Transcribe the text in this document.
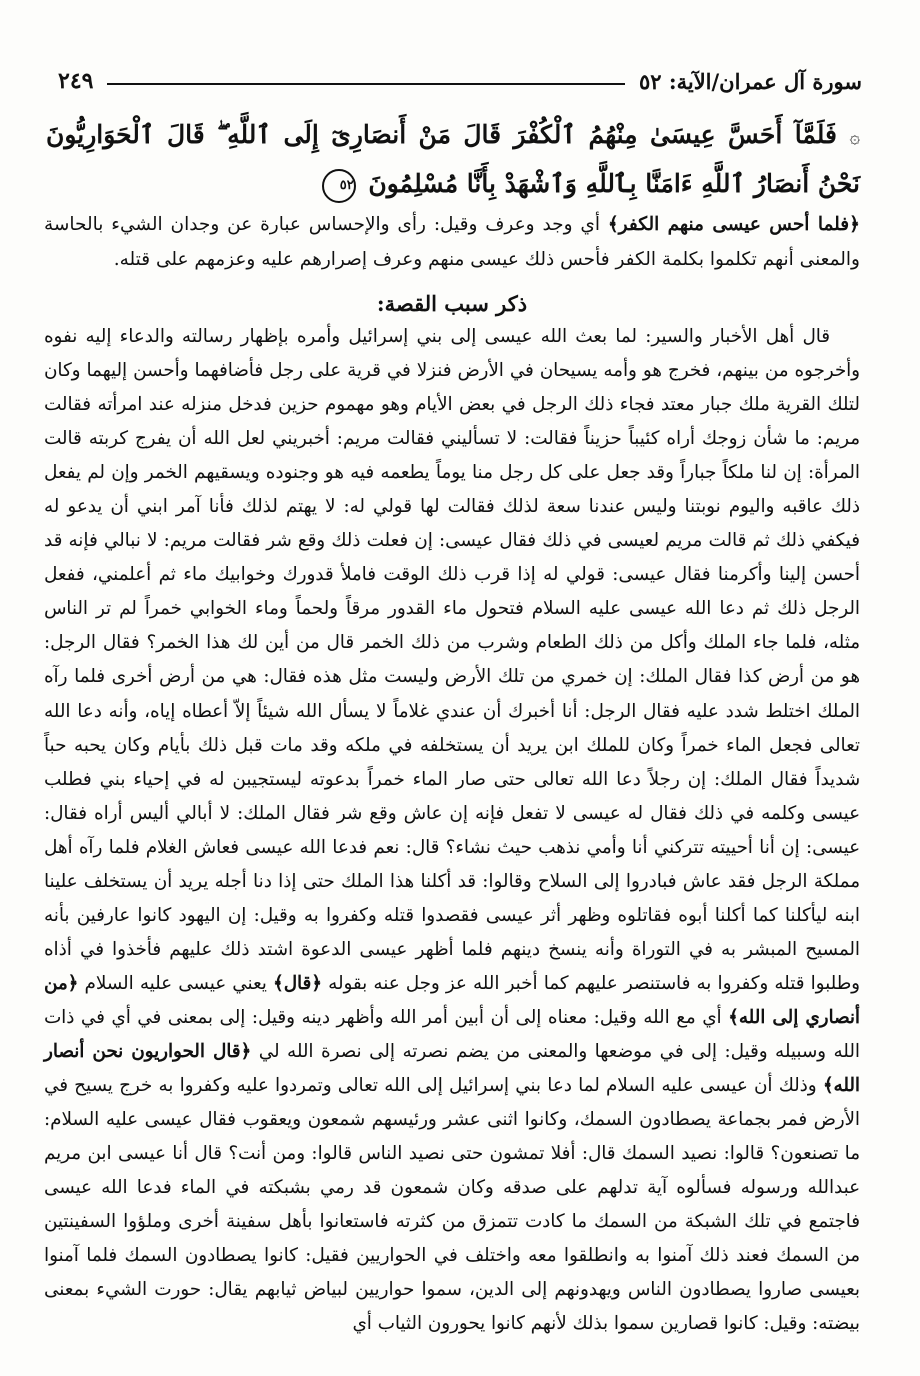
سورة آل عمران/الآية: ٥٢
٢٤٩
۞ فَلَمَّآ أَحَسَّ عِيسَىٰ مِنْهُمُ ٱلْكُفْرَ قَالَ مَنْ أَنصَارِىٓ إِلَى ٱللَّهِ ۖ قَالَ ٱلْحَوَارِيُّونَ نَحْنُ أَنصَارُ ٱللَّهِ ءَامَنَّا بِٱللَّهِ وَٱشْهَدْ بِأَنَّا مُسْلِمُونَ ٥٢

﴿فلما أحس عيسى منهم الكفر﴾ أي وجد وعرف وقيل: رأى والإحساس عبارة عن وجدان الشيء بالحاسة والمعنى أنهم تكلموا بكلمة الكفر فأحس ذلك عيسى منهم وعرف إصرارهم عليه وعزمهم على قتله.

ذكر سبب القصة:

قال أهل الأخبار والسير: لما بعث الله عيسى إلى بني إسرائيل وأمره بإظهار رسالته والدعاء إليه نفوه وأخرجوه من بينهم، فخرج هو وأمه يسيحان في الأرض فنزلا في قرية على رجل فأضافهما وأحسن إليهما وكان لتلك القرية ملك جبار معتد فجاء ذلك الرجل في بعض الأيام وهو مهموم حزين فدخل منزله عند امرأته فقالت مريم: ما شأن زوجك أراه كئيباً حزيناً فقالت: لا تسأليني فقالت مريم: أخبريني لعل الله أن يفرج كربته قالت المرأة: إن لنا ملكاً جباراً وقد جعل على كل رجل منا يوماً يطعمه فيه هو وجنوده ويسقيهم الخمر وإن لم يفعل ذلك عاقبه واليوم نوبتنا وليس عندنا سعة لذلك فقالت لها قولي له: لا يهتم لذلك فأنا آمر ابني أن يدعو له فيكفي ذلك ثم قالت مريم لعيسى في ذلك فقال عيسى: إن فعلت ذلك وقع شر فقالت مريم: لا نبالي فإنه قد أحسن إلينا وأكرمنا فقال عيسى: قولي له إذا قرب ذلك الوقت فاملأ قدورك وخوابيك ماء ثم أعلمني، ففعل الرجل ذلك ثم دعا الله عيسى عليه السلام فتحول ماء القدور مرقاً ولحماً وماء الخوابي خمراً لم تر الناس مثله، فلما جاء الملك وأكل من ذلك الطعام وشرب من ذلك الخمر قال من أين لك هذا الخمر؟ فقال الرجل: هو من أرض كذا فقال الملك: إن خمري من تلك الأرض وليست مثل هذه فقال: هي من أرض أخرى فلما رآه الملك اختلط شدد عليه فقال الرجل: أنا أخبرك أن عندي غلاماً لا يسأل الله شيئاً إلاّ أعطاه إياه، وأنه دعا الله تعالى فجعل الماء خمراً وكان للملك ابن يريد أن يستخلفه في ملكه وقد مات قبل ذلك بأيام وكان يحبه حباً شديداً فقال الملك: إن رجلاً دعا الله تعالى حتى صار الماء خمراً بدعوته ليستجيبن له في إحياء بني فطلب عيسى وكلمه في ذلك فقال له عيسى لا تفعل فإنه إن عاش وقع شر فقال الملك: لا أبالي أليس أراه فقال: عيسى: إن أنا أحييته تتركني أنا وأمي نذهب حيث نشاء؟ قال: نعم فدعا الله عيسى فعاش الغلام فلما رآه أهل مملكة الرجل فقد عاش فبادروا إلى السلاح وقالوا: قد أكلنا هذا الملك حتى إذا دنا أجله يريد أن يستخلف علينا ابنه ليأكلنا كما أكلنا أبوه فقاتلوه وظهر أثر عيسى فقصدوا قتله وكفروا به وقيل: إن اليهود كانوا عارفين بأنه المسيح المبشر به في التوراة وأنه ينسخ دينهم فلما أظهر عيسى الدعوة اشتد ذلك عليهم فأخذوا في أذاه وطلبوا قتله وكفروا به فاستنصر عليهم كما أخبر الله عز وجل عنه بقوله ﴿قال﴾ يعني عيسى عليه السلام ﴿من أنصاري إلى الله﴾ أي مع الله وقيل: معناه إلى أن أبين أمر الله وأظهر دينه وقيل: إلى بمعنى في أي في ذات الله وسبيله وقيل: إلى في موضعها والمعنى من يضم نصرته إلى نصرة الله لي ﴿قال الحواريون نحن أنصار الله﴾ وذلك أن عيسى عليه السلام لما دعا بني إسرائيل إلى الله تعالى وتمردوا عليه وكفروا به خرج يسيح في الأرض فمر بجماعة يصطادون السمك، وكانوا اثنى عشر ورئيسهم شمعون ويعقوب فقال عيسى عليه السلام: ما تصنعون؟ قالوا: نصيد السمك قال: أفلا تمشون حتى نصيد الناس قالوا: ومن أنت؟ قال أنا عيسى ابن مريم عبدالله ورسوله فسألوه آية تدلهم على صدقه وكان شمعون قد رمي بشبكته في الماء فدعا الله عيسى فاجتمع في تلك الشبكة من السمك ما كادت تتمزق من كثرته فاستعانوا بأهل سفينة أخرى وملؤوا السفينتين من السمك فعند ذلك آمنوا به وانطلقوا معه واختلف في الحواريين فقيل: كانوا يصطادون السمك فلما آمنوا بعيسى صاروا يصطادون الناس ويهدونهم إلى الدين، سموا حواريين لبياض ثيابهم يقال: حورت الشيء بمعنى بيضته: وقيل: كانوا قصارين سموا بذلك لأنهم كانوا يحورون الثياب أي
